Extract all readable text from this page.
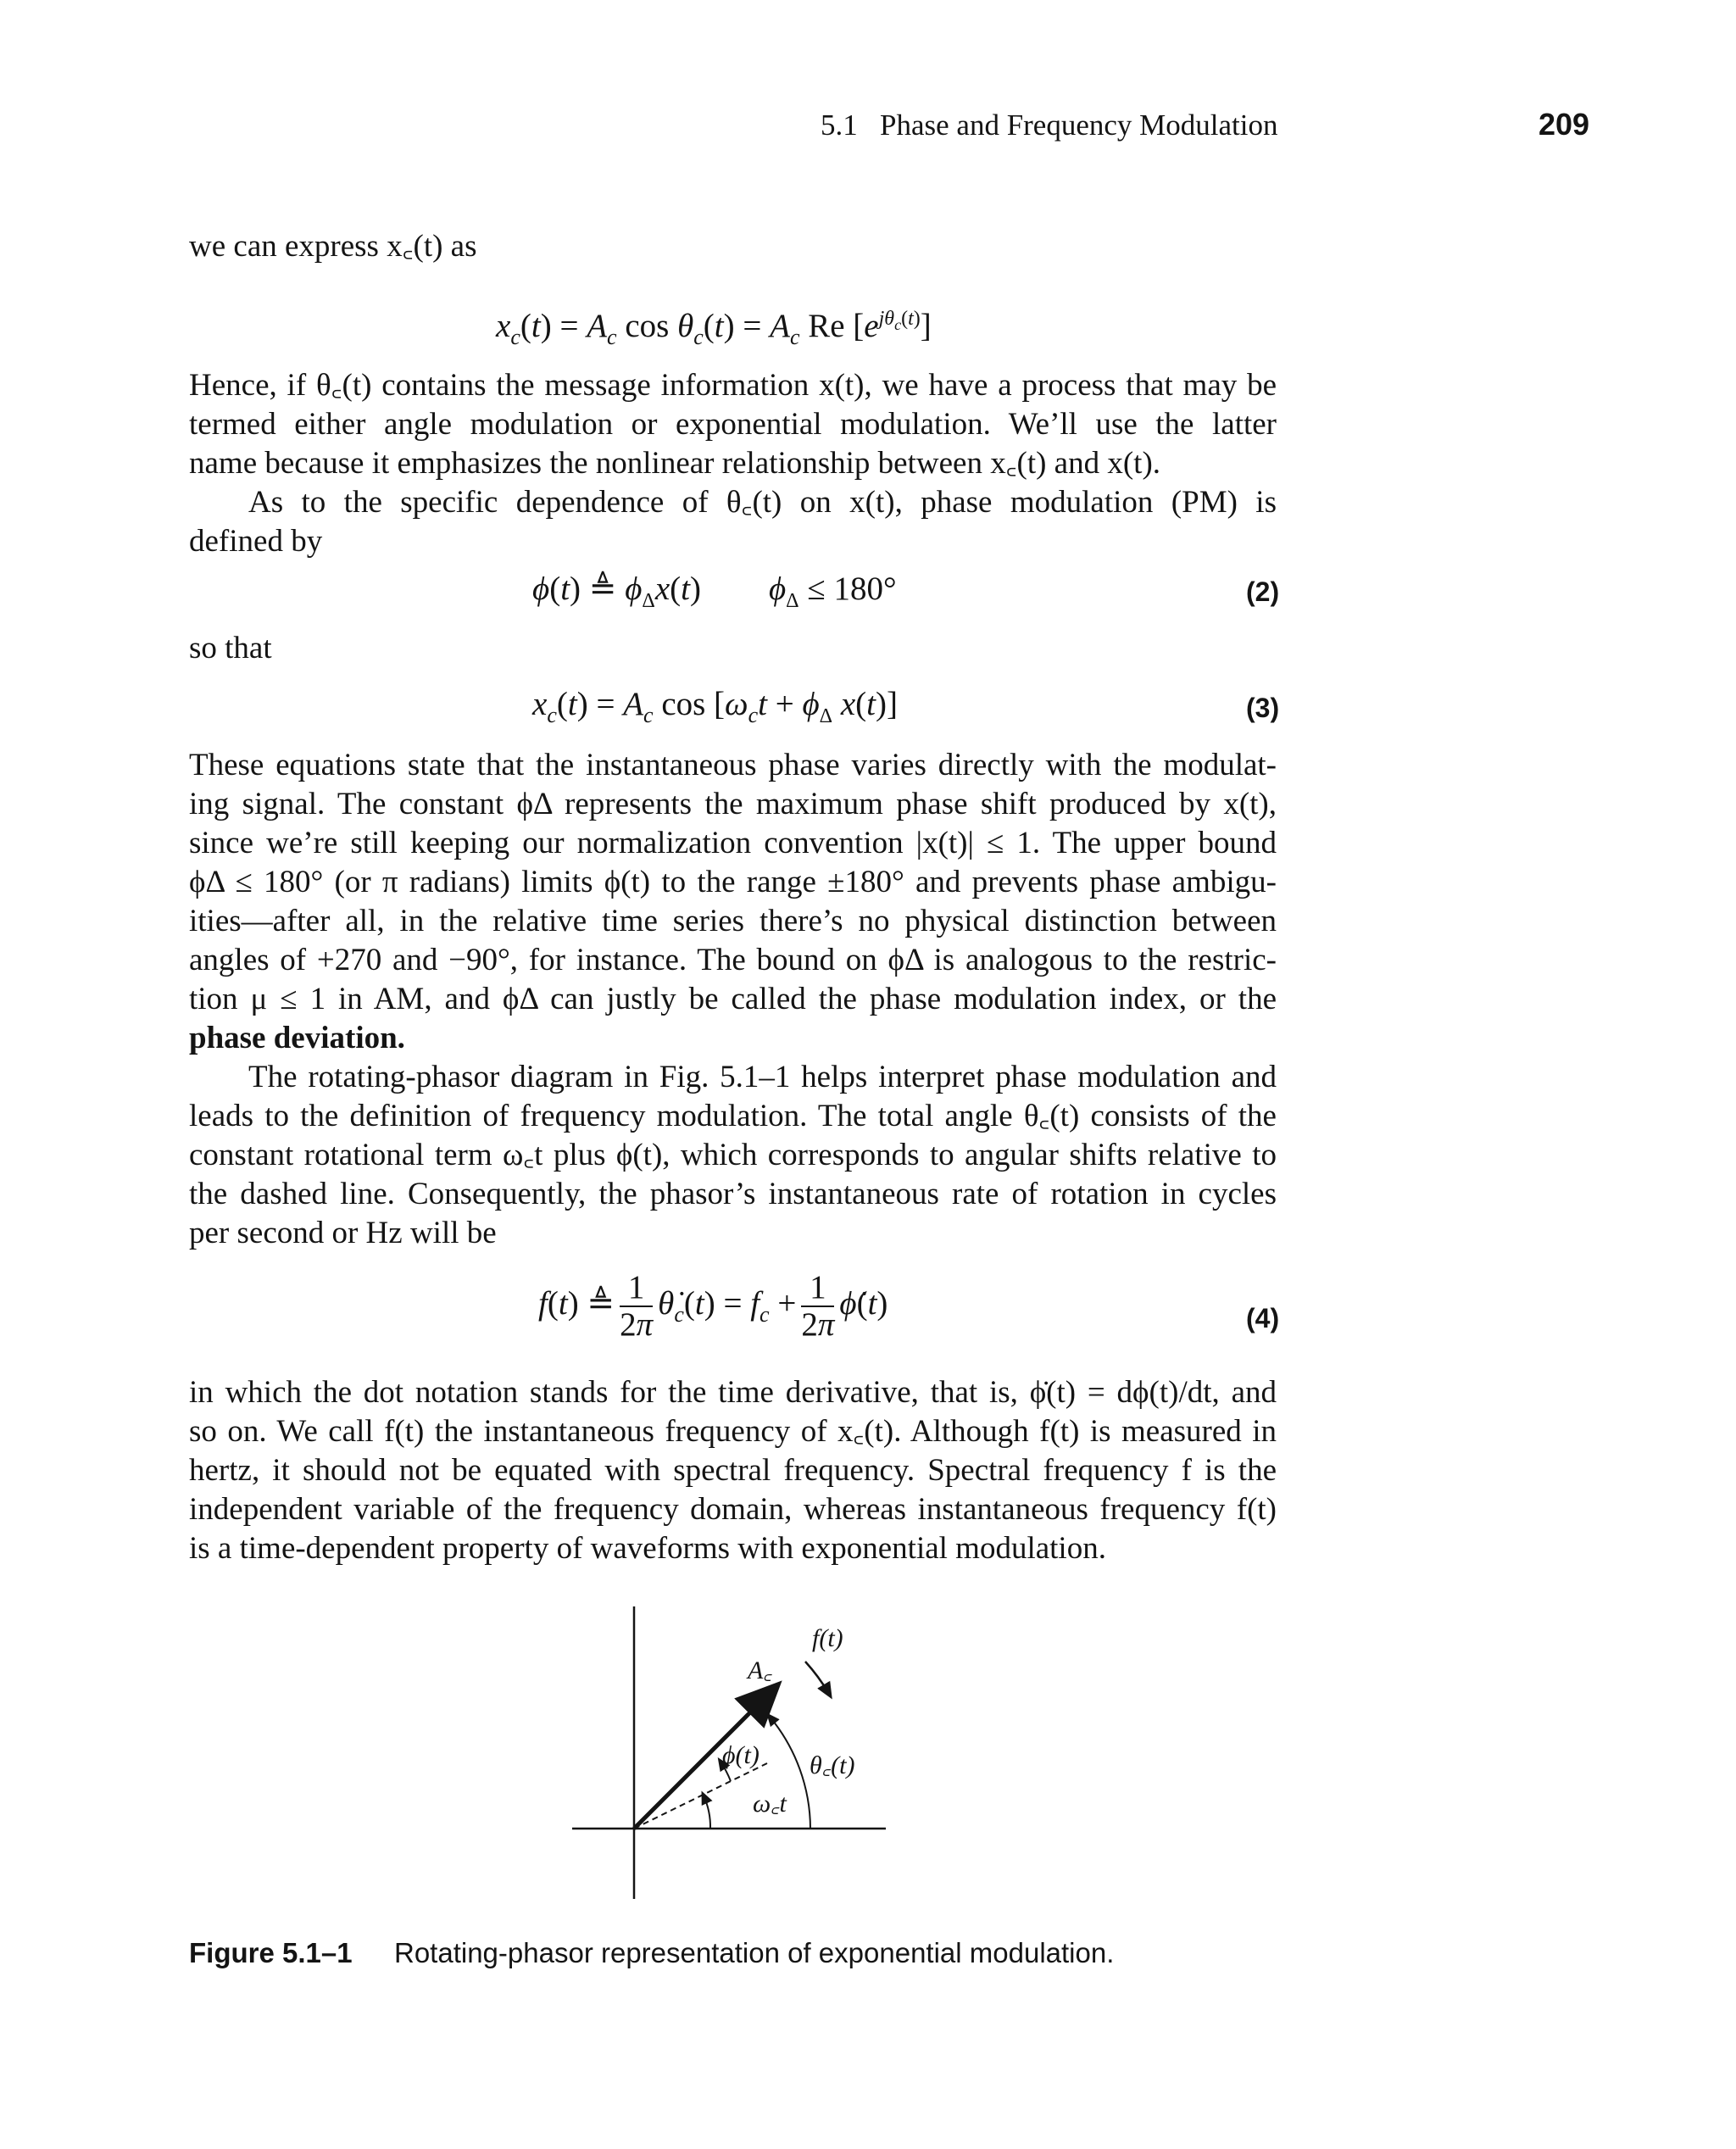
5.1   Phase and Frequency Modulation	209
we can express x꜀(t) as
$x_c(t) = A_c$ $\cos \theta_c(t) = A_c$ Re $[e^{j\theta_c(t)}]$
Hence, if θ꜀(t) contains the message information x(t), we have a process that may be
termed either angle modulation or exponential modulation. We’ll use the latter
name because it emphasizes the nonlinear relationship between x꜀(t) and x(t).
As to the specific dependence of θ꜀(t) on x(t), phase modulation (PM) is
defined by
ϕ(t) ≜ $\phi_\Delta x(t) \phi_\Delta \le 180^\circ$	(2)
so that
$x_c(t) = A_c$ $\cos [\omega_ct + \phi_\Delta$ x(t)]	(3)
These equations state that the instantaneous phase varies directly with the modulat-
ing signal. The constant ϕΔ represents the maximum phase shift produced by x(t),
since we’re still keeping our normalization convention |x(t)| ≤ 1. The upper bound
ϕΔ ≤ 180° (or π radians) limits ϕ(t) to the range ±180° and prevents phase ambigu-
ities—after all, in the relative time series there’s no physical distinction between
angles of +270 and −90°, for instance. The bound on ϕΔ is analogous to the restric-
tion μ ≤ 1 in AM, and ϕΔ can justly be called the phase modulation index, or the
phase deviation.
The rotating-phasor diagram in Fig. 5.1–1 helps interpret phase modulation and
leads to the definition of frequency modulation. The total angle θ꜀(t) consists of the
constant rotational term ω꜀t plus ϕ(t), which corresponds to angular shifts relative to
the dashed line. Consequently, the phasor’s instantaneous rate of rotation in cycles
per second or Hz will be
f(t) ≜ $\frac{1}{2\pi}$ $\thetȧ_c(t) = f_c + \frac{1}{2\pi}$ ϕ̇(t)	(4)
in which the dot notation stands for the time derivative, that is, ϕ̇(t) = dϕ(t)/dt, and
so on. We call f(t) the instantaneous frequency of x꜀(t). Although f(t) is measured in
hertz, it should not be equated with spectral frequency. Spectral frequency f is the
independent variable of the frequency domain, whereas instantaneous frequency f(t)
is a time-dependent property of waveforms with exponential modulation.
A꜀
f(t)
ϕ(t) θ꜀(t)
ω꜀t
Figure 5.1–1 Rotating-phasor representation of exponential modulation.
